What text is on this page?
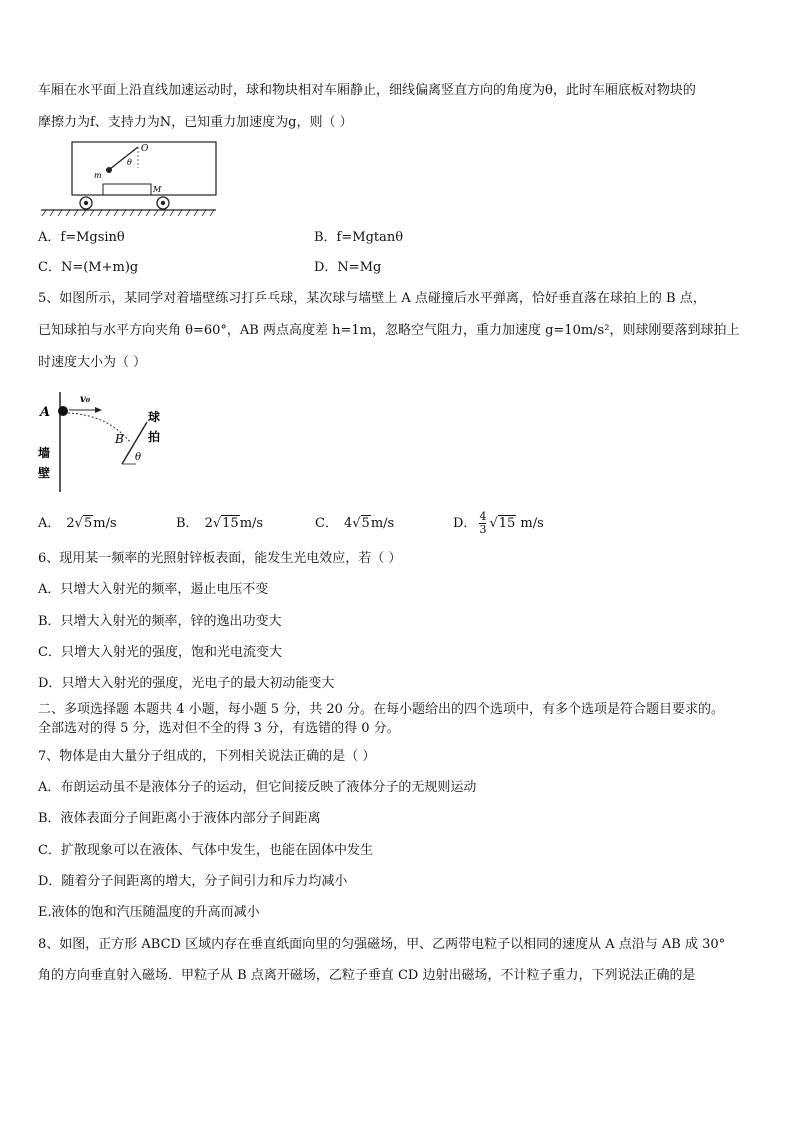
车厢在水平面上沿直线加速运动时，球和物块相对车厢静止，细线偏离竖直方向的角度为θ，此时车厢底板对物块的
摩擦力为f、支持力为N，已知重力加速度为g，则（ ）
O
θ
m
M
A．f=Mgsinθ	B．f=Mgtanθ
C．N=(M+m)g	D．N=Mg
5、如图所示，某同学对着墙壁练习打乒乓球，某次球与墙壁上 A 点碰撞后水平弹离，恰好垂直落在球拍上的 B 点，
已知球拍与水平方向夹角 θ=60°，AB 两点高度差 h=1m，忽略空气阻力，重力加速度 g=10m/s²，则球刚要落到球拍上
时速度大小为（ ）
A
v₀
B
θ
球
拍
墙
壁
A． 2√5m/s	B． 2√15m/s	C． 4√5m/s	D． $\frac{4}{3} √15$ m/s
6、现用某一频率的光照射锌板表面，能发生光电效应，若（ ）
A．只增大入射光的频率，遏止电压不变
B．只增大入射光的频率，锌的逸出功变大
C．只增大入射光的强度，饱和光电流变大
D．只增大入射光的强度，光电子的最大初动能变大
二、多项选择题 本题共 4 小题，每小题 5 分，共 20 分。在每小题给出的四个选项中，有多个选项是符合题目要求的。
全部选对的得 5 分，选对但不全的得 3 分，有选错的得 0 分。
7、物体是由大量分子组成的，下列相关说法正确的是（ ）
A．布朗运动虽不是液体分子的运动，但它间接反映了液体分子的无规则运动
B．液体表面分子间距离小于液体内部分子间距离
C．扩散现象可以在液体、气体中发生，也能在固体中发生
D．随着分子间距离的增大，分子间引力和斥力均减小
E.液体的饱和汽压随温度的升高而减小
8、如图，正方形 ABCD 区域内存在垂直纸面向里的匀强磁场，甲、乙两带电粒子以相同的速度从 A 点沿与 AB 成 30°
角的方向垂直射入磁场．甲粒子从 B 点离开磁场，乙粒子垂直 CD 边射出磁场，不计粒子重力，下列说法正确的是
